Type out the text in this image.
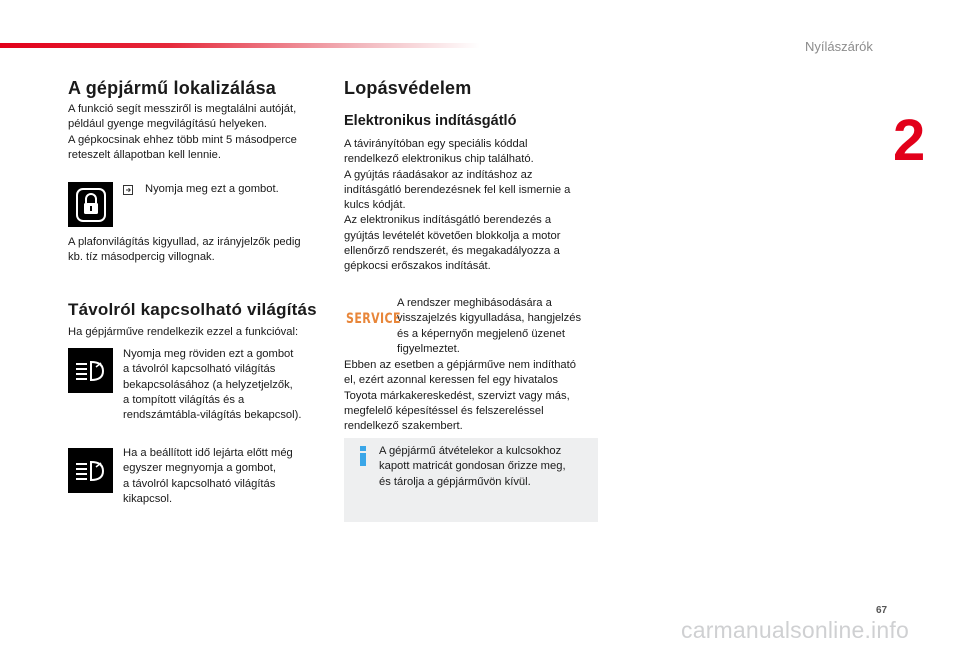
Nyílászárók
2
A gépjármű lokalizálása

A funkció segít messziről is megtalálni autóját,

például gyenge megvilágítású helyeken.

A gépkocsinak ehhez több mint 5 másodperce

reteszelt állapotban kell lennie.

Nyomja meg ezt a gombot.

A plafonvilágítás kigyullad, az irányjelzők pedig

kb. tíz másodpercig villognak.

Távolról kapcsolható világítás

Ha gépjárműve rendelkezik ezzel a funkcióval:

Nyomja meg röviden ezt a gombot

a távolról kapcsolható világítás

bekapcsolásához (a helyzetjelzők,

a tompított világítás és a

rendszámtábla-világítás bekapcsol).

Ha a beállított idő lejárta előtt még

egyszer megnyomja a gombot,

a távolról kapcsolható világítás

kikapcsol.

Lopásvédelem
Elektronikus indításgátló

A távirányítóban egy speciális kóddal

rendelkező elektronikus chip található.

A gyújtás ráadásakor az indításhoz az

indításgátló berendezésnek fel kell ismernie a

kulcs kódját.

Az elektronikus indításgátló berendezés a

gyújtás levételét követően blokkolja a motor

ellenőrző rendszerét, és megakadályozza a

gépkocsi erőszakos indítását.

SERVICE

A rendszer meghibásodására a

visszajelzés kigyulladása, hangjelzés

és a képernyőn megjelenő üzenet

figyelmeztet.

Ebben az esetben a gépjárműve nem indítható

el, ezért azonnal keressen fel egy hivatalos

Toyota márkakereskedést, szervizt vagy más,

megfelelő képesítéssel és felszereléssel

rendelkező szakembert.

A gépjármű átvételekor a kulcsokhoz

kapott matricát gondosan őrizze meg,

és tárolja a gépjárművön kívül.

67
carmanualsonline.info
